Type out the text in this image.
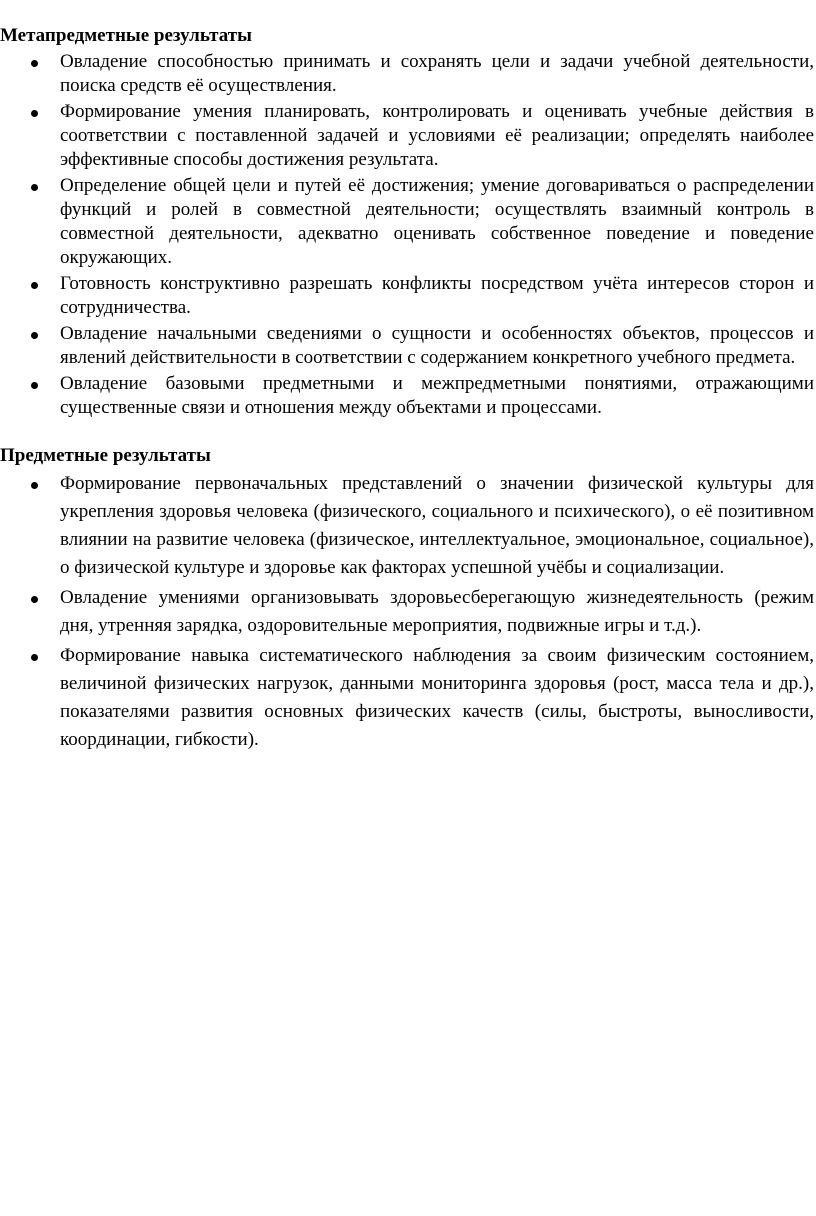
Метапредметные результаты
Овладение способностью принимать и сохранять цели и задачи учебной деятельности, поиска средств её осуществления.
Формирование умения планировать, контролировать и оценивать учебные действия в соответствии с поставленной задачей и условиями её реализации; определять наиболее эффективные способы достижения результата.
Определение общей цели и путей её достижения; умение договариваться о распределении функций и ролей в совместной деятельности; осуществлять взаимный контроль в совместной деятельности, адекватно оценивать собственное поведение и поведение окружающих.
Готовность конструктивно разрешать конфликты посредством учёта интересов сторон и сотрудничества.
Овладение начальными сведениями о сущности и особенностях объектов, процессов и явлений действительности в соответствии с содержанием конкретного учебного предмета.
Овладение базовыми предметными и межпредметными понятиями, отражающими существенные связи и отношения между объектами и процессами.
Предметные результаты
Формирование первоначальных представлений о значении физической культуры для укрепления здоровья человека (физического, социального и психического), о её позитивном влиянии на развитие человека (физическое, интеллектуальное, эмоциональное, социальное), о физической культуре и здоровье как факторах успешной учёбы и социализации.
Овладение умениями организовывать здоровьесберегающую жизнедеятельность (режим дня, утренняя зарядка, оздоровительные мероприятия, подвижные игры и т.д.).
Формирование навыка систематического наблюдения за своим физическим состоянием, величиной физических нагрузок, данными мониторинга здоровья (рост, масса тела и др.), показателями развития основных физических качеств (силы, быстроты, выносливости, координации, гибкости).
